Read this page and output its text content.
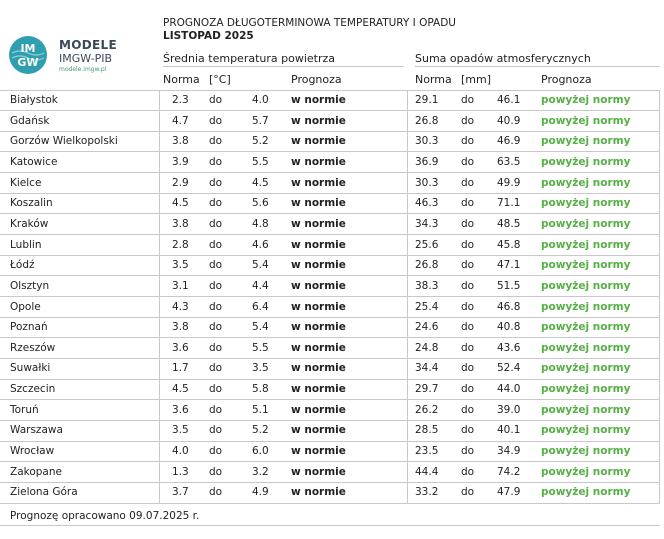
IM
GW
MODELE
IMGW-PIB
modele.imgw.pl
PROGNOZA DŁUGOTERMINOWA TEMPERATURY I OPADU
LISTOPAD 2025
Średnia temperatura powietrza	Suma opadów atmosferycznych
Norma [°C]	Prognoza	Norma [mm]	Prognoza
Białystok	2.3 do	4.0 w normie	29.1 do 46.1 powyżej normy
Gdańsk	4.7 do	5.7 w normie	26.8 do 40.9 powyżej normy
Gorzów Wielkopolski	3.8 do	5.2 w normie	30.3 do 46.9 powyżej normy
Katowice	3.9 do	5.5 w normie	36.9 do 63.5 powyżej normy
Kielce	2.9 do	4.5 w normie	30.3 do 49.9 powyżej normy
Koszalin	4.5 do	5.6 w normie	46.3 do 71.1 powyżej normy
Kraków	3.8 do	4.8 w normie	34.3 do 48.5 powyżej normy
Lublin	2.8 do	4.6 w normie	25.6 do 45.8 powyżej normy
Łódź	3.5 do	5.4 w normie	26.8 do 47.1 powyżej normy
Olsztyn	3.1 do	4.4 w normie	38.3 do 51.5 powyżej normy
Opole	4.3 do	6.4 w normie	25.4 do 46.8 powyżej normy
Poznań	3.8 do	5.4 w normie	24.6 do 40.8 powyżej normy
Rzeszów	3.6 do	5.5 w normie	24.8 do 43.6 powyżej normy
Suwałki	1.7 do	3.5 w normie	34.4 do 52.4 powyżej normy
Szczecin	4.5 do	5.8 w normie	29.7 do 44.0 powyżej normy
Toruń	3.6 do	5.1 w normie	26.2 do 39.0 powyżej normy
Warszawa	3.5 do	5.2 w normie	28.5 do 40.1 powyżej normy
Wrocław	4.0 do	6.0 w normie	23.5 do 34.9 powyżej normy
Zakopane	1.3 do	3.2 w normie	44.4 do 74.2 powyżej normy
Zielona Góra	3.7 do	4.9 w normie	33.2 do 47.9 powyżej normy
Prognozę opracowano 09.07.2025 r.
